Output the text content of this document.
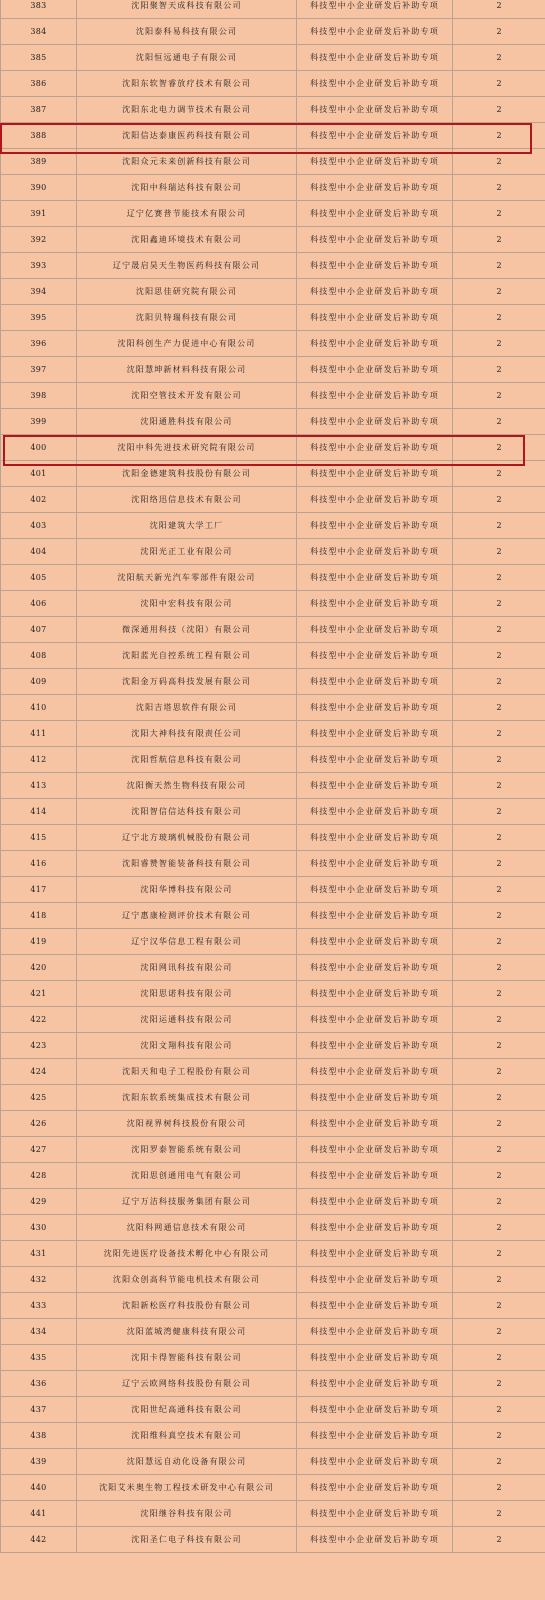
383	沈阳聚智天成科技有限公司	科技型中小企业研发后补助专项	2
384	沈阳泰科易科技有限公司	科技型中小企业研发后补助专项	2
385	沈阳恒远通电子有限公司	科技型中小企业研发后补助专项	2
386	沈阳东软智睿放疗技术有限公司	科技型中小企业研发后补助专项	2
387	沈阳东北电力调节技术有限公司	科技型中小企业研发后补助专项	2
388	沈阳信达泰康医药科技有限公司	科技型中小企业研发后补助专项	2
389	沈阳众元未来创新科技有限公司	科技型中小企业研发后补助专项	2
390	沈阳中科瑞达科技有限公司	科技型中小企业研发后补助专项	2
391	辽宁亿赛普节能技术有限公司	科技型中小企业研发后补助专项	2
392	沈阳鑫迪环境技术有限公司	科技型中小企业研发后补助专项	2
393	辽宁晟启昊天生物医药科技有限公司	科技型中小企业研发后补助专项	2
394	沈阳思佳研究院有限公司	科技型中小企业研发后补助专项	2
395	沈阳贝特瑞科技有限公司	科技型中小企业研发后补助专项	2
396	沈阳科创生产力促进中心有限公司	科技型中小企业研发后补助专项	2
397	沈阳慧坤新材料科技有限公司	科技型中小企业研发后补助专项	2
398	沈阳空管技术开发有限公司	科技型中小企业研发后补助专项	2
399	沈阳通胜科技有限公司	科技型中小企业研发后补助专项	2
400	沈阳中科先进技术研究院有限公司	科技型中小企业研发后补助专项	2
401	沈阳金德建筑科技股份有限公司	科技型中小企业研发后补助专项	2
402	沈阳络迅信息技术有限公司	科技型中小企业研发后补助专项	2
403	沈阳建筑大学工厂	科技型中小企业研发后补助专项	2
404	沈阳光正工业有限公司	科技型中小企业研发后补助专项	2
405	沈阳航天新光汽车零部件有限公司	科技型中小企业研发后补助专项	2
406	沈阳中宏科技有限公司	科技型中小企业研发后补助专项	2
407	微深通用科技（沈阳）有限公司	科技型中小企业研发后补助专项	2
408	沈阳蓝光自控系统工程有限公司	科技型中小企业研发后补助专项	2
409	沈阳金万码高科技发展有限公司	科技型中小企业研发后补助专项	2
410	沈阳吉塔思软件有限公司	科技型中小企业研发后补助专项	2
411	沈阳大神科技有限责任公司	科技型中小企业研发后补助专项	2
412	沈阳哲航信息科技有限公司	科技型中小企业研发后补助专项	2
413	沈阳衡天然生物科技有限公司	科技型中小企业研发后补助专项	2
414	沈阳智信信达科技有限公司	科技型中小企业研发后补助专项	2
415	辽宁北方玻璃机械股份有限公司	科技型中小企业研发后补助专项	2
416	沈阳睿赞智能装备科技有限公司	科技型中小企业研发后补助专项	2
417	沈阳华博科技有限公司	科技型中小企业研发后补助专项	2
418	辽宁惠康检测评价技术有限公司	科技型中小企业研发后补助专项	2
419	辽宁汉华信息工程有限公司	科技型中小企业研发后补助专项	2
420	沈阳网讯科技有限公司	科技型中小企业研发后补助专项	2
421	沈阳思诺科技有限公司	科技型中小企业研发后补助专项	2
422	沈阳运通科技有限公司	科技型中小企业研发后补助专项	2
423	沈阳文翔科技有限公司	科技型中小企业研发后补助专项	2
424	沈阳天和电子工程股份有限公司	科技型中小企业研发后补助专项	2
425	沈阳东软系统集成技术有限公司	科技型中小企业研发后补助专项	2
426	沈阳视界树科技股份有限公司	科技型中小企业研发后补助专项	2
427	沈阳罗泰智能系统有限公司	科技型中小企业研发后补助专项	2
428	沈阳思创通用电气有限公司	科技型中小企业研发后补助专项	2
429	辽宁万洁科技服务集团有限公司	科技型中小企业研发后补助专项	2
430	沈阳科网通信息技术有限公司	科技型中小企业研发后补助专项	2
431	沈阳先进医疗设备技术孵化中心有限公司	科技型中小企业研发后补助专项	2
432	沈阳众创高科节能电机技术有限公司	科技型中小企业研发后补助专项	2
433	沈阳新松医疗科技股份有限公司	科技型中小企业研发后补助专项	2
434	沈阳蓝城湾健康科技有限公司	科技型中小企业研发后补助专项	2
435	沈阳卡得智能科技有限公司	科技型中小企业研发后补助专项	2
436	辽宁云欧网络科技股份有限公司	科技型中小企业研发后补助专项	2
437	沈阳世纪高通科技有限公司	科技型中小企业研发后补助专项	2
438	沈阳维科真空技术有限公司	科技型中小企业研发后补助专项	2
439	沈阳慧远自动化设备有限公司	科技型中小企业研发后补助专项	2
440	沈阳艾米奥生物工程技术研发中心有限公司	科技型中小企业研发后补助专项	2
441	沈阳继谷科技有限公司	科技型中小企业研发后补助专项	2
442	沈阳圣仁电子科技有限公司	科技型中小企业研发后补助专项	2
